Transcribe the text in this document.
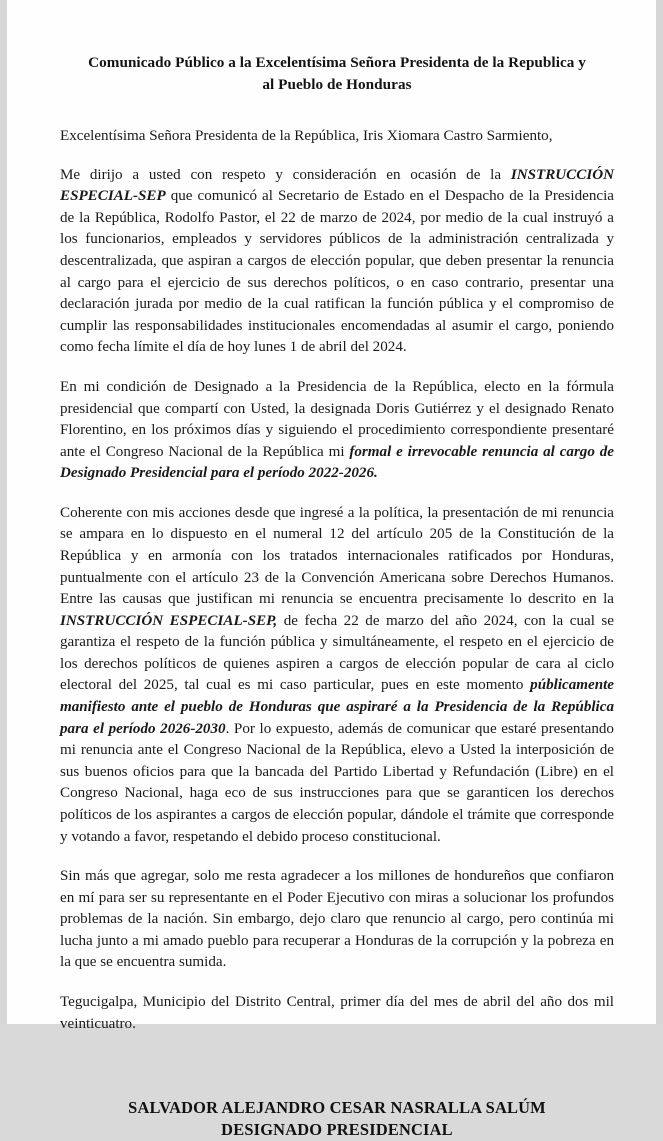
Comunicado Público a la Excelentísima Señora Presidenta de la Republica y al Pueblo de Honduras

Excelentísima Señora Presidenta de la República, Iris Xiomara Castro Sarmiento,

Me dirijo a usted con respeto y consideración en ocasión de la INSTRUCCIÓN ESPECIAL-SEP que comunicó al Secretario de Estado en el Despacho de la Presidencia de la República, Rodolfo Pastor, el 22 de marzo de 2024, por medio de la cual instruyó a los funcionarios, empleados y servidores públicos de la administración centralizada y descentralizada, que aspiran a cargos de elección popular, que deben presentar la renuncia al cargo para el ejercicio de sus derechos políticos, o en caso contrario, presentar una declaración jurada por medio de la cual ratifican la función pública y el compromiso de cumplir las responsabilidades institucionales encomendadas al asumir el cargo, poniendo como fecha límite el día de hoy lunes 1 de abril del 2024.

En mi condición de Designado a la Presidencia de la República, electo en la fórmula presidencial que compartí con Usted, la designada Doris Gutiérrez y el designado Renato Florentino, en los próximos días y siguiendo el procedimiento correspondiente presentaré ante el Congreso Nacional de la República mi formal e irrevocable renuncia al cargo de Designado Presidencial para el período 2022-2026.

Coherente con mis acciones desde que ingresé a la política, la presentación de mi renuncia se ampara en lo dispuesto en el numeral 12 del artículo 205 de la Constitución de la República y en armonía con los tratados internacionales ratificados por Honduras, puntualmente con el artículo 23 de la Convención Americana sobre Derechos Humanos. Entre las causas que justifican mi renuncia se encuentra precisamente lo descrito en la INSTRUCCIÓN ESPECIAL-SEP, de fecha 22 de marzo del año 2024, con la cual se garantiza el respeto de la función pública y simultáneamente, el respeto en el ejercicio de los derechos políticos de quienes aspiren a cargos de elección popular de cara al ciclo electoral del 2025, tal cual es mi caso particular, pues en este momento públicamente manifiesto ante el pueblo de Honduras que aspiraré a la Presidencia de la República para el período 2026-2030. Por lo expuesto, además de comunicar que estaré presentando mi renuncia ante el Congreso Nacional de la República, elevo a Usted la interposición de sus buenos oficios para que la bancada del Partido Libertad y Refundación (Libre) en el Congreso Nacional, haga eco de sus instrucciones para que se garanticen los derechos políticos de los aspirantes a cargos de elección popular, dándole el trámite que corresponde y votando a favor, respetando el debido proceso constitucional.

Sin más que agregar, solo me resta agradecer a los millones de hondureños que confiaron en mí para ser su representante en el Poder Ejecutivo con miras a solucionar los profundos problemas de la nación. Sin embargo, dejo claro que renuncio al cargo, pero continúa mi lucha junto a mi amado pueblo para recuperar a Honduras de la corrupción y la pobreza en la que se encuentra sumida.

Tegucigalpa, Municipio del Distrito Central, primer día del mes de abril del año dos mil veinticuatro.

SALVADOR ALEJANDRO CESAR NASRALLA SALÚM
DESIGNADO PRESIDENCIAL
